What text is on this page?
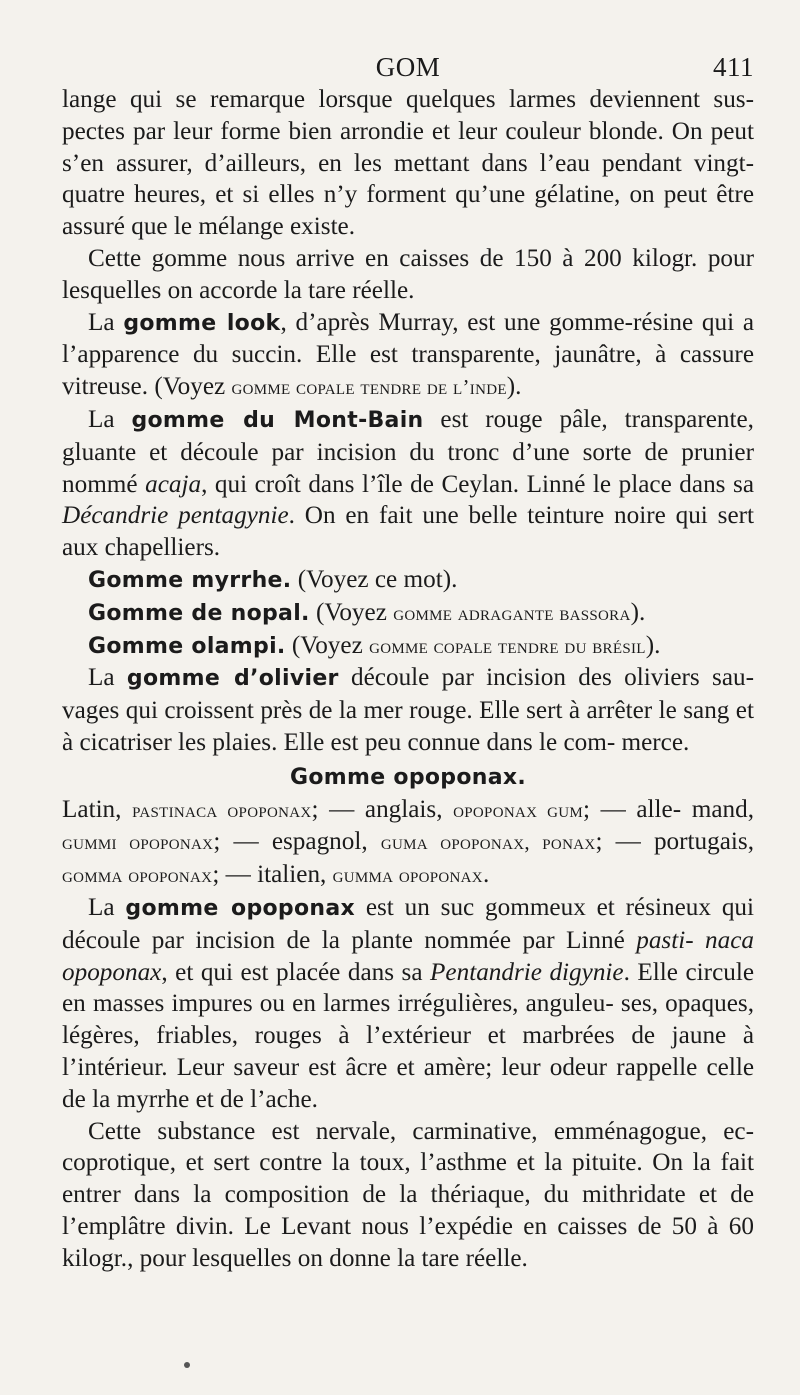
GOM	411

lange qui se remarque lorsque quelques larmes deviennent sus- pectes par leur forme bien arrondie et leur couleur blonde. On peut s’en assurer, d’ailleurs, en les mettant dans l’eau pendant vingt-quatre heures, et si elles n’y forment qu’une gélatine, on peut être assuré que le mélange existe.

Cette gomme nous arrive en caisses de 150 à 200 kilogr. pour lesquelles on accorde la tare réelle.

La gomme look, d’après Murray, est une gomme-résine qui a l’apparence du succin. Elle est transparente, jaunâtre, à cassure vitreuse. (Voyez gomme copale tendre de l’inde).

La gomme du Mont-Bain est rouge pâle, transparente, gluante et découle par incision du tronc d’une sorte de prunier nommé acaja, qui croît dans l’île de Ceylan. Linné le place dans sa Décandrie pentagynie. On en fait une belle teinture noire qui sert aux chapelliers.

Gomme myrrhe. (Voyez ce mot).

Gomme de nopal. (Voyez gomme adragante bassora).

Gomme olampi. (Voyez gomme copale tendre du brésil).

La gomme d’olivier découle par incision des oliviers sau- vages qui croissent près de la mer rouge. Elle sert à arrêter le sang et à cicatriser les plaies. Elle est peu connue dans le com- merce.

Gomme opoponax.

Latin, pastinaca opoponax; — anglais, opoponax gum; — alle- mand, gummi opoponax; — espagnol, guma opoponax, ponax; — portugais, gomma opoponax; — italien, gumma opoponax.

La gomme opoponax est un suc gommeux et résineux qui découle par incision de la plante nommée par Linné pasti- naca opoponax, et qui est placée dans sa Pentandrie digynie. Elle circule en masses impures ou en larmes irrégulières, anguleu- ses, opaques, légères, friables, rouges à l’extérieur et marbrées de jaune à l’intérieur. Leur saveur est âcre et amère; leur odeur rappelle celle de la myrrhe et de l’ache.

Cette substance est nervale, carminative, emménagogue, ec- coprotique, et sert contre la toux, l’asthme et la pituite. On la fait entrer dans la composition de la thériaque, du mithridate et de l’emplâtre divin. Le Levant nous l’expédie en caisses de 50 à 60 kilogr., pour lesquelles on donne la tare réelle.
